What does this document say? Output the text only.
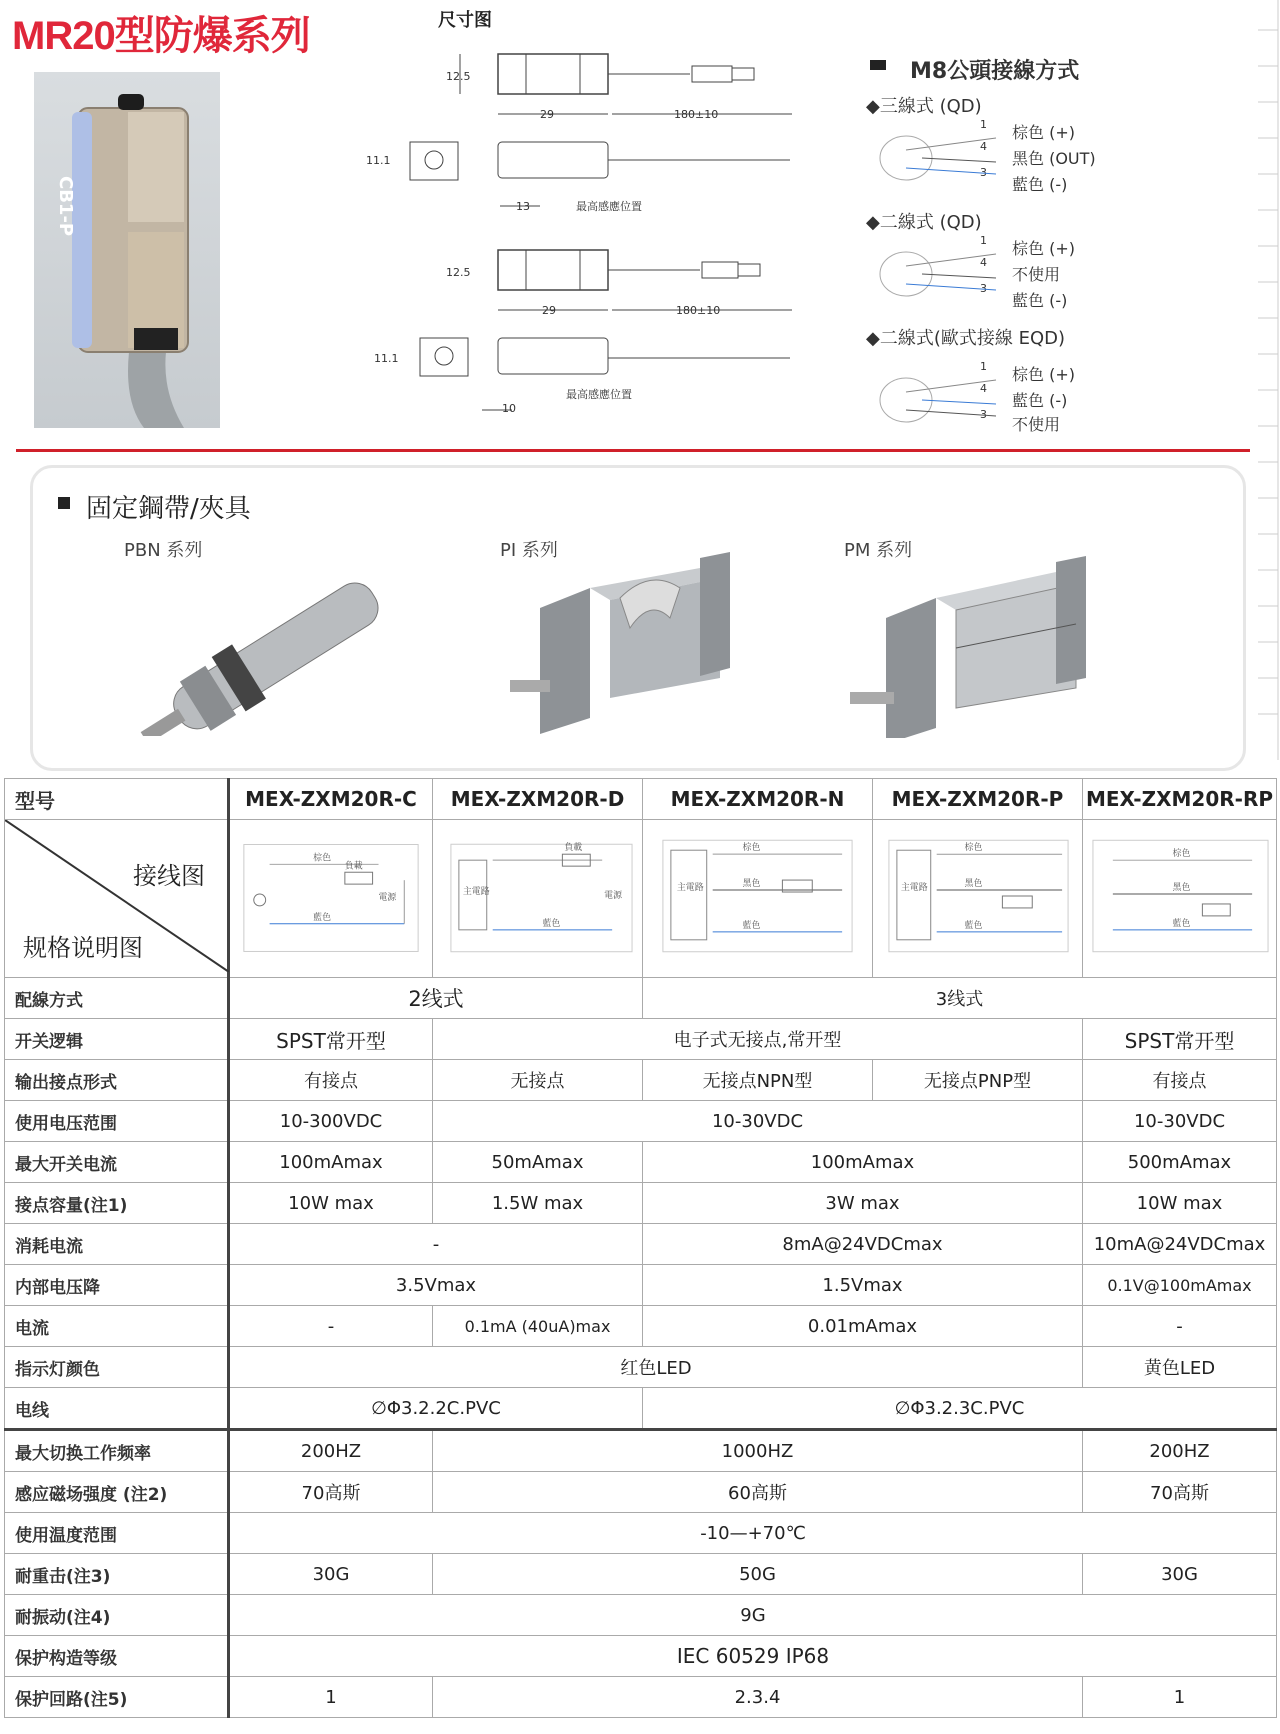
MR20型防爆系列	尺寸图
CB1-P
12.5
29	180±10
11.1
13	最高感應位置
12.5
29	180±10
11.1
10
最高感應位置
M8公頭接線方式
◆三線式 (QD)
1 棕色 (+)
4
黑色 (OUT)
3
藍色 (-)
◆二線式 (QD)
1 棕色 (+)
4
不使用
3
藍色 (-)
◆二線式(歐式接線 EQD)
1 棕色 (+)
4
藍色 (-)
3
不使用
固定鋼帶/夾具
PBN 系列	PI 系列	PM 系列
型号	MEX-ZXM20R-C	MEX-ZXM20R-D	MEX-ZXM20R-N	MEX-ZXM20R-P	MEX-ZXM20R-RP

接线图
规格说明图	棕色
負載
藍色
電源	主電路
負載
藍色
電源	主電路
棕色
黑色
藍色	主電路
棕色
黑色
藍色	棕色
黑色
藍色

配線方式	2线式		3线式		
开关逻辑	SPST常开型	电子式无接点,常开型			SPST常开型
输出接点形式	有接点	无接点	无接点NPN型	无接点PNP型	有接点
使用电压范围	10-300VDC	10-30VDC			10-30VDC
最大开关电流	100mAmax	50mAmax	100mAmax		500mAmax
接点容量(注1)	10W max	1.5W max	3W max		10W max
消耗电流	-		8mA@24VDCmax		10mA@24VDCmax
内部电压降	3.5Vmax		1.5Vmax		0.1V@100mAmax
电流	-	0.1mA (40uA)max	0.01mAmax		-
指示灯颜色	红色LED				黄色LED
电线	∅Φ3.2.2C.PVC		∅Φ3.2.3C.PVC		
最大切换工作频率	200HZ	1000HZ			200HZ
感应磁场强度 (注2)	70高斯	60高斯			70高斯
使用温度范围	-10—+70℃				
耐重击(注3)	30G	50G			30G
耐振动(注4)	9G				
保护构造等级	IEC 60529 IP68				
保护回路(注5)	1	2.3.4			1
